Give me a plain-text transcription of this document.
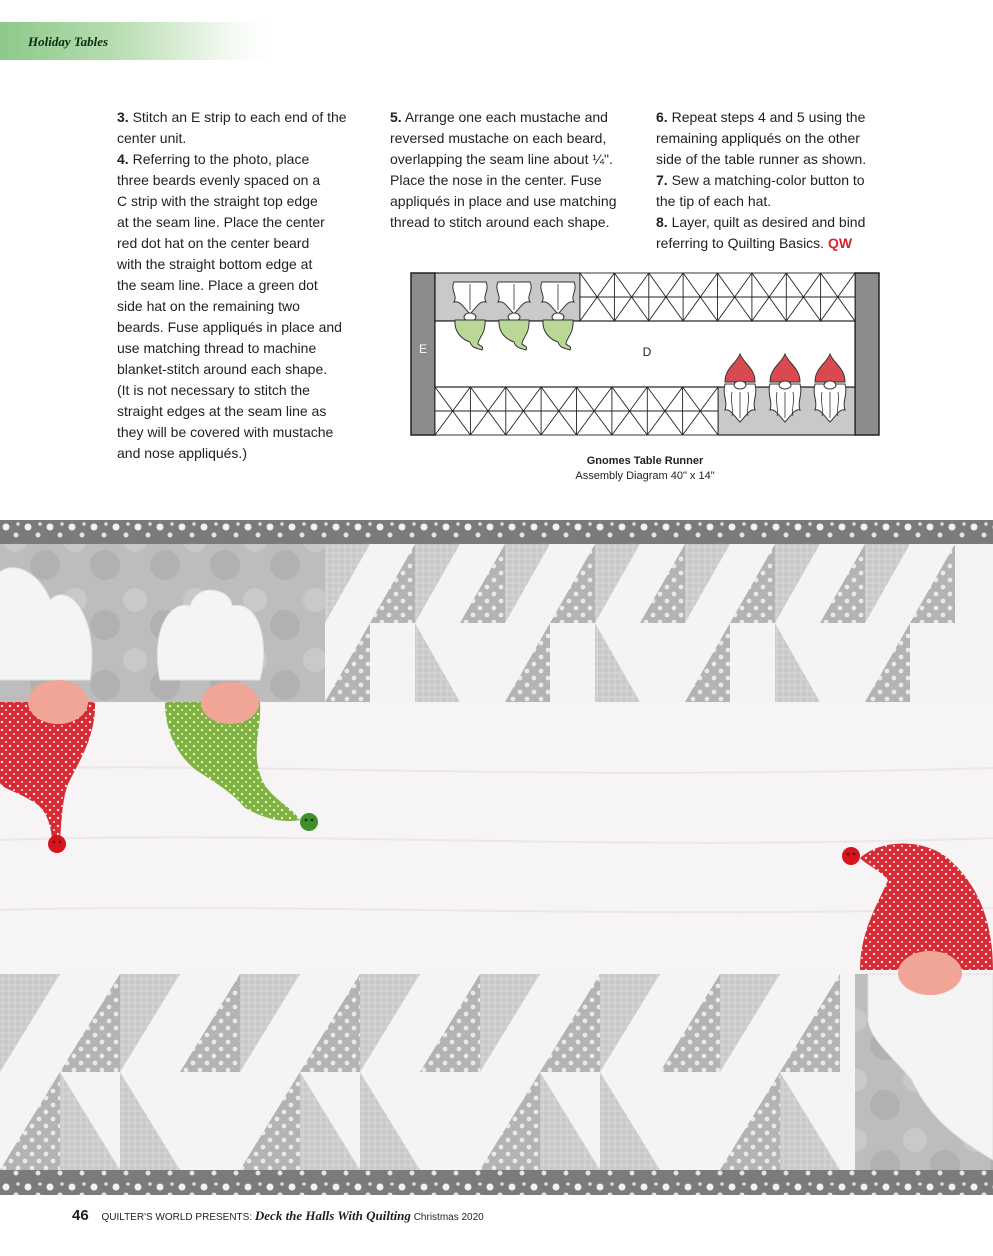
Holiday Tables

3. Stitch an E strip to each end of the

center unit.

4. Referring to the photo, place

three beards evenly spaced on a

C strip with the straight top edge

at the seam line. Place the center

red dot hat on the center beard

with the straight bottom edge at

the seam line. Place a green dot

side hat on the remaining two

beards. Fuse appliqués in place and

use matching thread to machine

blanket-stitch around each shape.

(It is not necessary to stitch the

straight edges at the seam line as

they will be covered with mustache

and nose appliqués.)

5. Arrange one each mustache and

reversed mustache on each beard,

overlapping the seam line about ¼".

Place the nose in the center. Fuse

appliqués in place and use matching

thread to stitch around each shape.

6. Repeat steps 4 and 5 using the

remaining appliqués on the other

side of the table runner as shown.

7. Sew a matching-color button to

the tip of each hat.

8. Layer, quilt as desired and bind

referring to Quilting Basics. QW

E	D
Gnomes Table Runner
Assembly Diagram 40" x 14"
46 QUILTER'S WORLD PRESENTS: Deck the Halls With Quilting Christmas 2020
